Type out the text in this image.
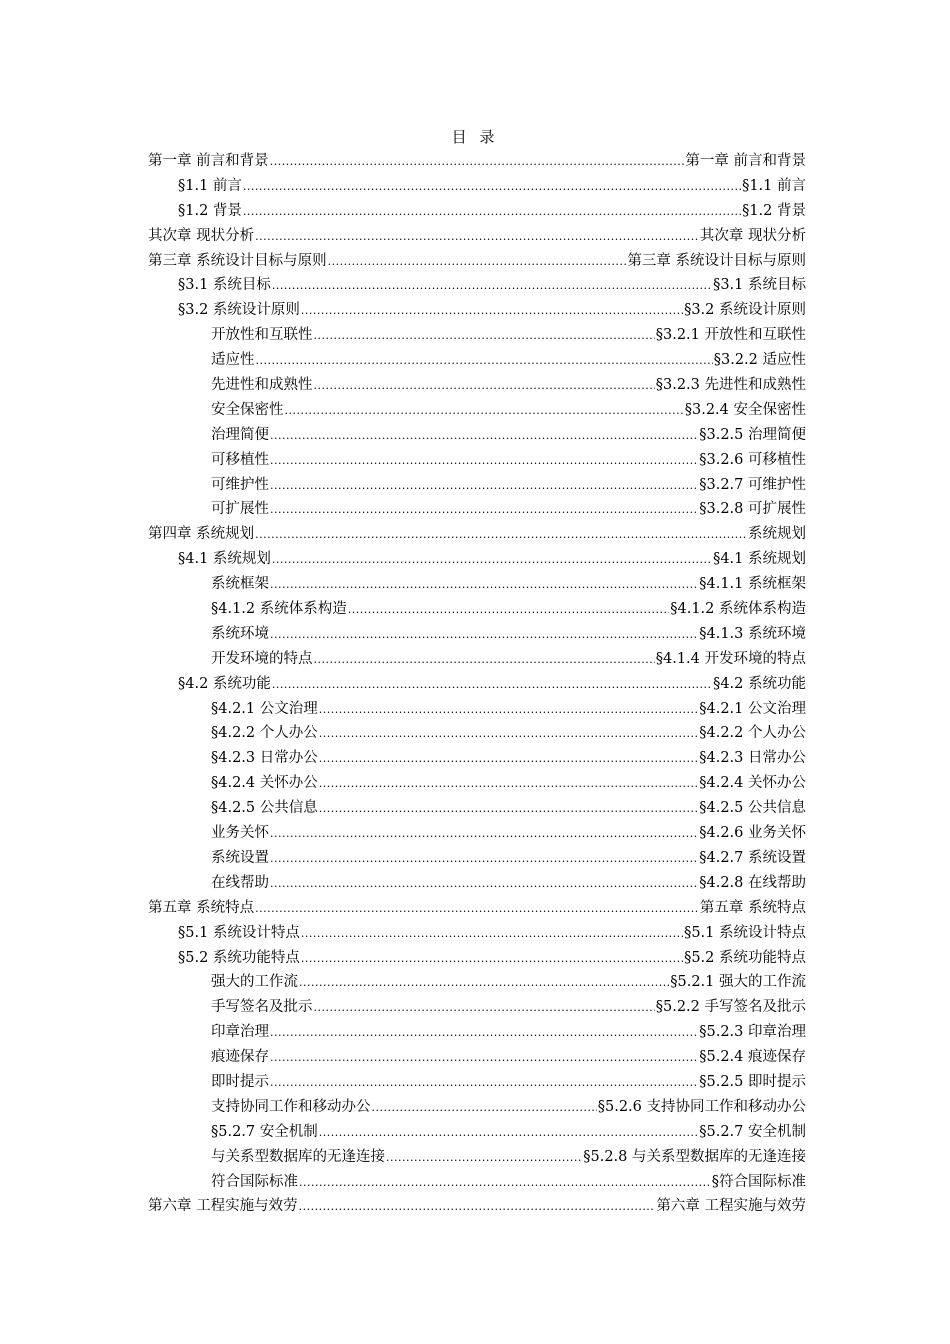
目 录
第一章 前言和背景 .....	第一章 前言和背景
§1.1 前言 .....	§1.1 前言
§1.2 背景 .....	§1.2 背景
其次章 现状分析 .....	其次章 现状分析
第三章 系统设计目标与原则 .....	第三章 系统设计目标与原则
§3.1 系统目标 .....	§3.1 系统目标
§3.2 系统设计原则 .....	§3.2 系统设计原则
开放性和互联性 .....	§3.2.1 开放性和互联性
适应性 .....	§3.2.2 适应性
先进性和成熟性 .....	§3.2.3 先进性和成熟性
安全保密性 .....	§3.2.4 安全保密性
治理简便 .....	§3.2.5 治理简便
可移植性 .....	§3.2.6 可移植性
可维护性 .....	§3.2.7 可维护性
可扩展性 .....	§3.2.8 可扩展性
第四章 系统规划 .....	系统规划
§4.1 系统规划 .....	§4.1 系统规划
系统框架 .....	§4.1.1 系统框架
§4.1.2 系统体系构造 .....	§4.1.2 系统体系构造
系统环境 .....	§4.1.3 系统环境
开发环境的特点 .....	§4.1.4 开发环境的特点
§4.2 系统功能 .....	§4.2 系统功能
§4.2.1 公文治理 .....	§4.2.1 公文治理
§4.2.2 个人办公 .....	§4.2.2 个人办公
§4.2.3 日常办公 .....	§4.2.3 日常办公
§4.2.4 关怀办公 .....	§4.2.4 关怀办公
§4.2.5 公共信息 .....	§4.2.5 公共信息
业务关怀 .....	§4.2.6 业务关怀
系统设置 .....	§4.2.7 系统设置
在线帮助 .....	§4.2.8 在线帮助
第五章 系统特点 .....	第五章 系统特点
§5.1 系统设计特点 .....	§5.1 系统设计特点
§5.2 系统功能特点 .....	§5.2 系统功能特点
强大的工作流 .....	§5.2.1 强大的工作流
手写签名及批示 .....	§5.2.2 手写签名及批示
印章治理 .....	§5.2.3 印章治理
痕迹保存 .....	§5.2.4 痕迹保存
即时提示 .....	§5.2.5 即时提示
支持协同工作和移动办公 .....	§5.2.6 支持协同工作和移动办公
§5.2.7 安全机制 .....	§5.2.7 安全机制
与关系型数据库的无逢连接 .....	§5.2.8 与关系型数据库的无逢连接
符合国际标准 .....	§符合国际标准
第六章 工程实施与效劳 .....	第六章 工程实施与效劳
